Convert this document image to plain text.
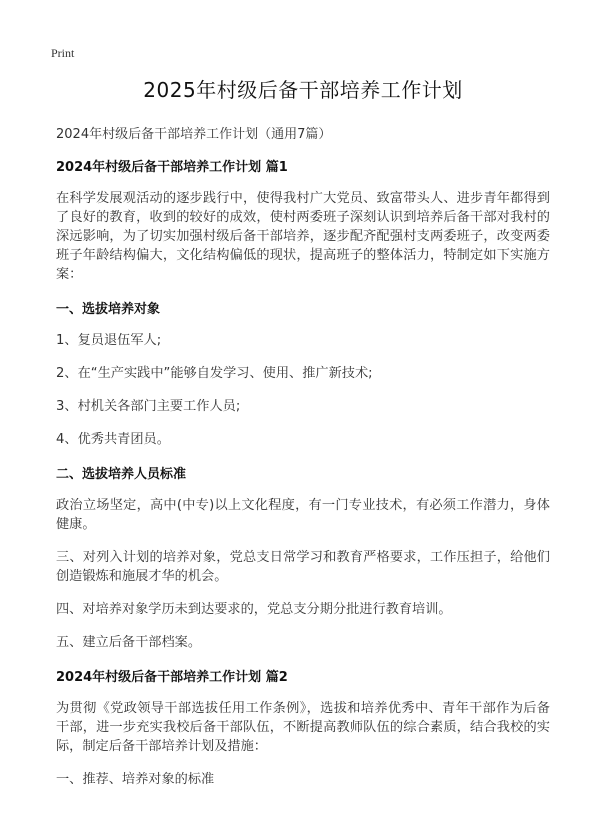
Print
2025年村级后备干部培养工作计划
2024年村级后备干部培养工作计划（通用7篇）
2024年村级后备干部培养工作计划 篇1

在科学发展观活动的逐步践行中，使得我村广大党员、致富带头人、进步青年都得到了良好的教育，收到的较好的成效，使村两委班子深刻认识到培养后备干部对我村的深远影响，为了切实加强村级后备干部培养，逐步配齐配强村支两委班子，改变两委班子年龄结构偏大，文化结构偏低的现状，提高班子的整体活力，特制定如下实施方案：

一、选拔培养对象

1、复员退伍军人;

2、在“生产实践中”能够自发学习、使用、推广新技术;

3、村机关各部门主要工作人员;

4、优秀共青团员。

二、选拔培养人员标准

政治立场坚定，高中(中专)以上文化程度，有一门专业技术，有必须工作潜力，身体健康。

三、对列入计划的培养对象，党总支日常学习和教育严格要求，工作压担子，给他们创造锻炼和施展才华的机会。

四、对培养对象学历未到达要求的，党总支分期分批进行教育培训。

五、建立后备干部档案。

2024年村级后备干部培养工作计划 篇2

为贯彻《党政领导干部选拔任用工作条例》，选拔和培养优秀中、青年干部作为后备干部，进一步充实我校后备干部队伍，不断提高教师队伍的综合素质，结合我校的实际，制定后备干部培养计划及措施：

一、推荐、培养对象的标准
